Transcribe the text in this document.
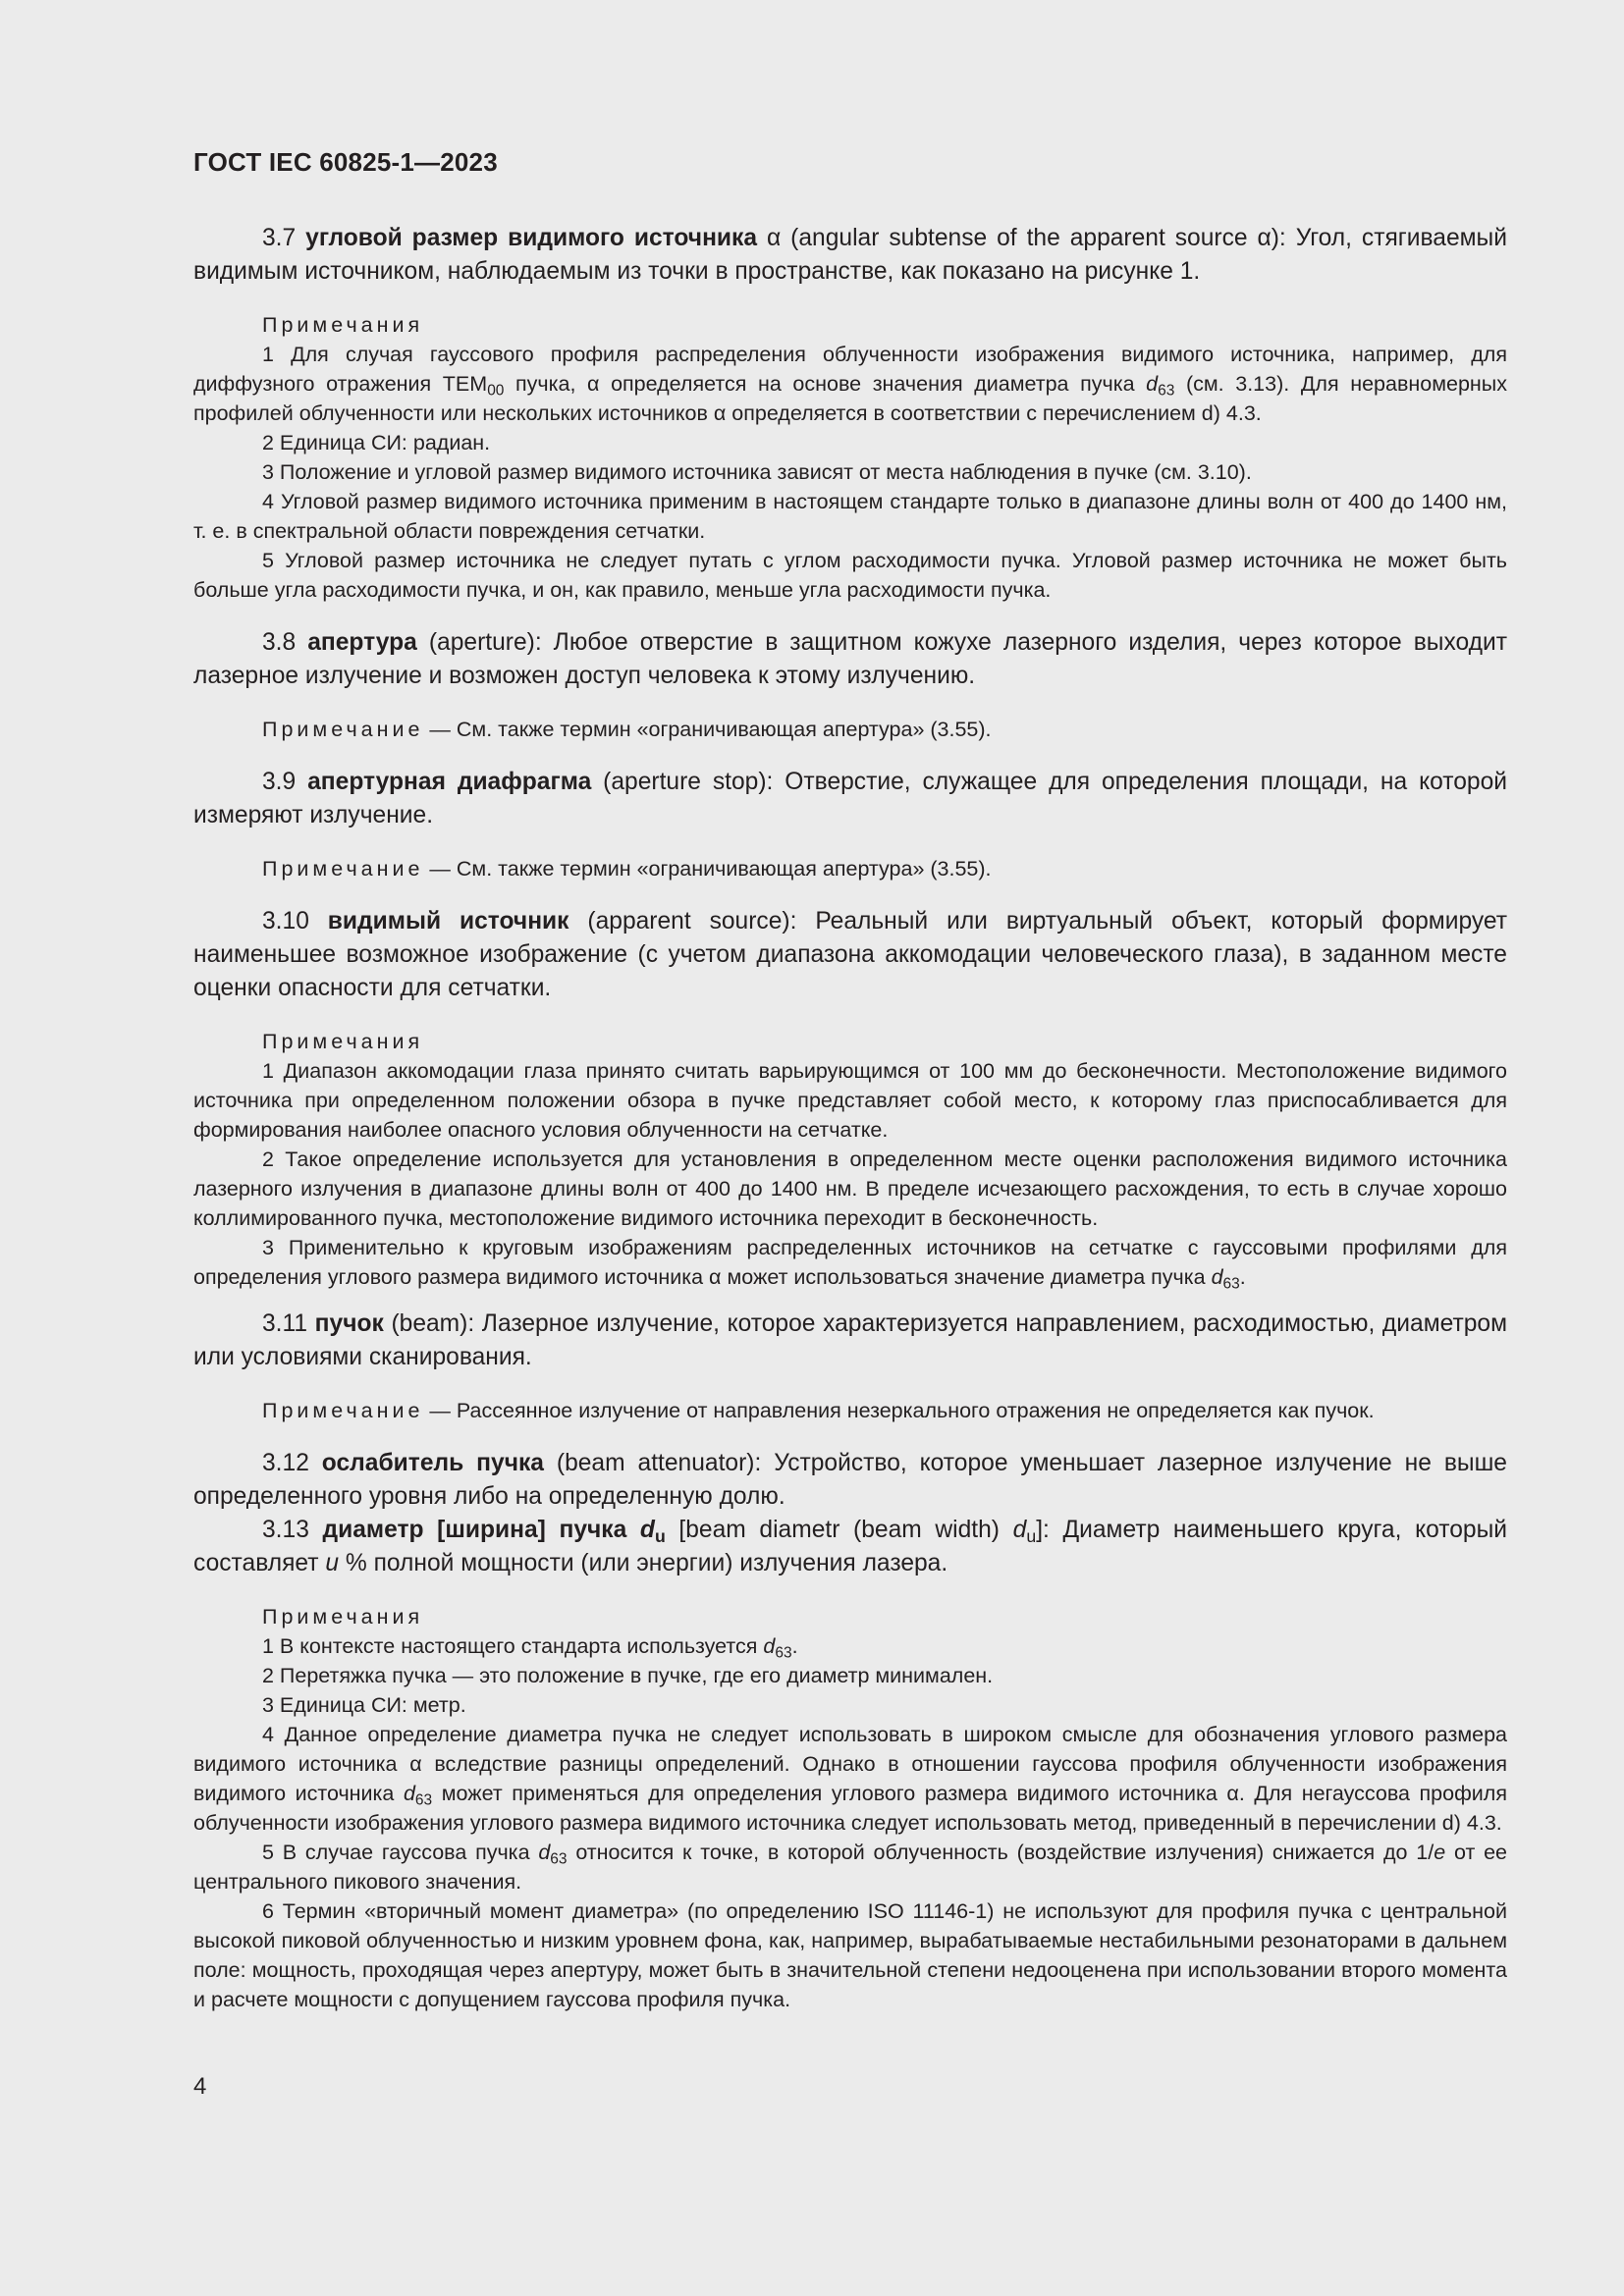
ГОСТ IEC 60825-1—2023

3.7 угловой размер видимого источника α (angular subtense of the apparent source α): Угол, стягиваемый видимым источником, наблюдаемым из точки в пространстве, как показано на рисунке 1.

Примечания

1 Для случая гауссового профиля распределения облученности изображения видимого источника, например, для диффузного отражения $TEM_{00}$ пучка, α определяется на основе значения диаметра пучка $d_{63}$ (см. 3.13). Для неравномерных профилей облученности или нескольких источников α определяется в соответствии с перечислением d) 4.3.

2 Единица СИ: радиан.

3 Положение и угловой размер видимого источника зависят от места наблюдения в пучке (см. 3.10).

4 Угловой размер видимого источника применим в настоящем стандарте только в диапазоне длины волн от 400 до 1400 нм, т. е. в спектральной области повреждения сетчатки.

5 Угловой размер источника не следует путать с углом расходимости пучка. Угловой размер источника не может быть больше угла расходимости пучка, и он, как правило, меньше угла расходимости пучка.

3.8 апертура (aperture): Любое отверстие в защитном кожухе лазерного изделия, через которое выходит лазерное излучение и возможен доступ человека к этому излучению.

Примечание — См. также термин «ограничивающая апертура» (3.55).

3.9 апертурная диафрагма (aperture stop): Отверстие, служащее для определения площади, на которой измеряют излучение.

Примечание — См. также термин «ограничивающая апертура» (3.55).

3.10 видимый источник (apparent source): Реальный или виртуальный объект, который формирует наименьшее возможное изображение (с учетом диапазона аккомодации человеческого глаза), в заданном месте оценки опасности для сетчатки.

Примечания

1 Диапазон аккомодации глаза принято считать варьирующимся от 100 мм до бесконечности. Местоположение видимого источника при определенном положении обзора в пучке представляет собой место, к которому глаз приспосабливается для формирования наиболее опасного условия облученности на сетчатке.

2 Такое определение используется для установления в определенном месте оценки расположения видимого источника лазерного излучения в диапазоне длины волн от 400 до 1400 нм. В пределе исчезающего расхождения, то есть в случае хорошо коллимированного пучка, местоположение видимого источника переходит в бесконечность.

3 Применительно к круговым изображениям распределенных источников на сетчатке с гауссовыми профилями для определения углового размера видимого источника α может использоваться значение диаметра пучка $d_{63}$.

3.11 пучок (beam): Лазерное излучение, которое характеризуется направлением, расходимостью, диаметром или условиями сканирования.

Примечание — Рассеянное излучение от направления незеркального отражения не определяется как пучок.

3.12 ослабитель пучка (beam attenuator): Устройство, которое уменьшает лазерное излучение не выше определенного уровня либо на определенную долю.

3.13 диаметр [ширина] пучка $d_u$ [beam diametr (beam width) $d_u$]: Диаметр наименьшего круга, который составляет u % полной мощности (или энергии) излучения лазера.

Примечания

1 В контексте настоящего стандарта используется $d_{63}$.

2 Перетяжка пучка — это положение в пучке, где его диаметр минимален.

3 Единица СИ: метр.

4 Данное определение диаметра пучка не следует использовать в широком смысле для обозначения углового размера видимого источника α вследствие разницы определений. Однако в отношении гауссова профиля облученности изображения видимого источника $d_{63}$ может применяться для определения углового размера видимого источника α. Для негауссова профиля облученности изображения углового размера видимого источника следует использовать метод, приведенный в перечислении d) 4.3.

5 В случае гауссова пучка $d_{63}$ относится к точке, в которой облученность (воздействие излучения) снижается до 1/e от ее центрального пикового значения.

6 Термин «вторичный момент диаметра» (по определению ISO 11146-1) не используют для профиля пучка с центральной высокой пиковой облученностью и низким уровнем фона, как, например, вырабатываемые нестабильными резонаторами в дальнем поле: мощность, проходящая через апертуру, может быть в значительной степени недооценена при использовании второго момента и расчете мощности с допущением гауссова профиля пучка.

4
